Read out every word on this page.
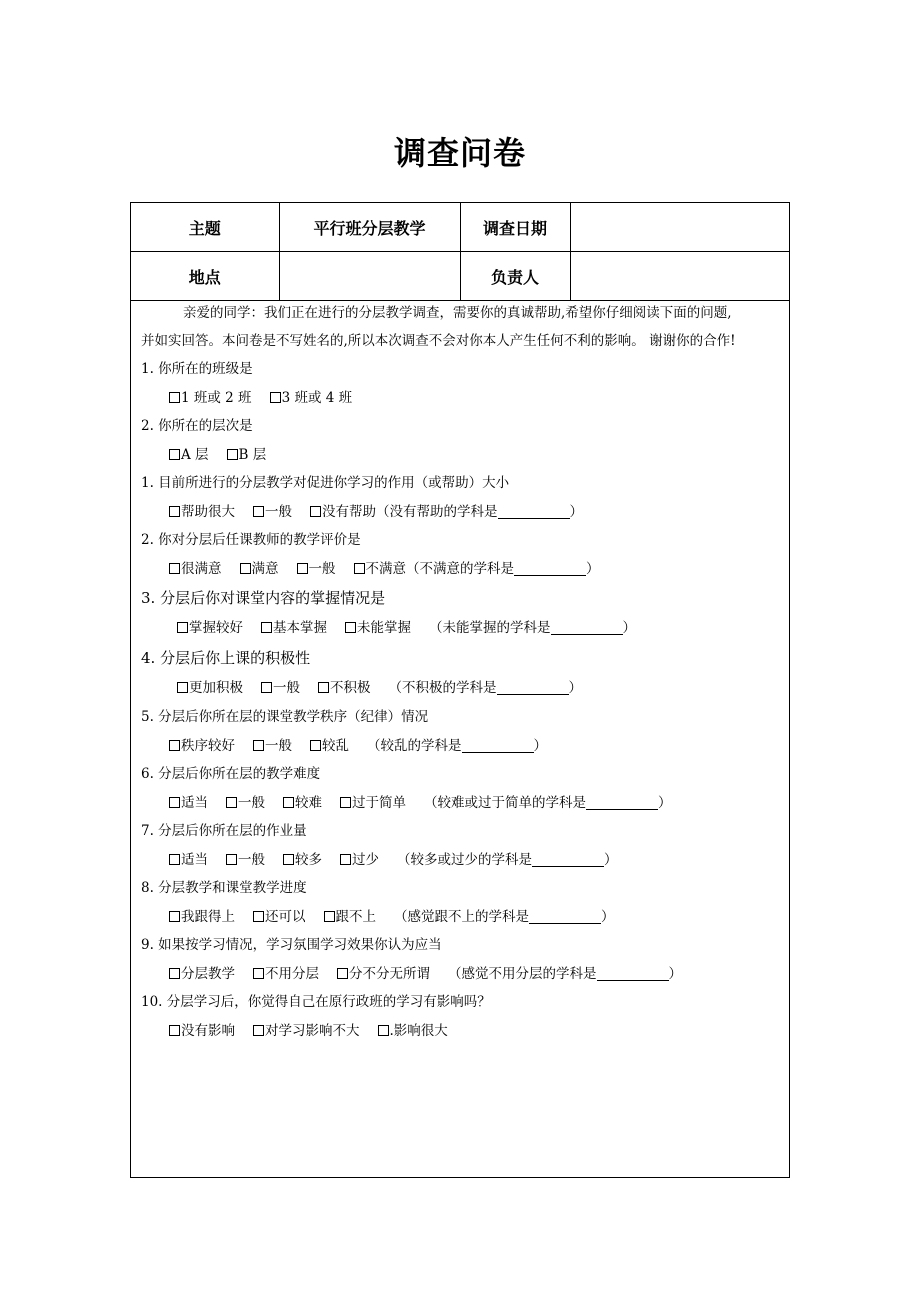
调查问卷
主题	平行班分层教学	调查日期	
地点		负责人	
亲爱的同学：我们正在进行的分层教学调查，需要你的真诚帮助,希望你仔细阅读下面的问题,
并如实回答。本问卷是不写姓名的,所以本次调查不会对你本人产生任何不利的影响。 谢谢你的合作!
1. 你所在的班级是
1 班或 2 班 3 班或 4 班
2. 你所在的层次是
A 层 B 层
1. 目前所进行的分层教学对促进你学习的作用（或帮助）大小
帮助很大 一般 没有帮助（没有帮助的学科是	）
2. 你对分层后任课教师的教学评价是
很满意 满意 一般 不满意（不满意的学科是	）
3. 分层后你对课堂内容的掌握情况是
掌握较好 基本掌握 未能掌握 （未能掌握的学科是	）
4. 分层后你上课的积极性
更加积极 一般 不积极 （不积极的学科是	）
5. 分层后你所在层的课堂教学秩序（纪律）情况
秩序较好 一般 较乱 （较乱的学科是	）
6. 分层后你所在层的教学难度
适当 一般 较难 过于简单 （较难或过于简单的学科是	）
7. 分层后你所在层的作业量
适当 一般 较多 过少 （较多或过少的学科是	）
8. 分层教学和课堂教学进度
我跟得上 还可以 跟不上 （感觉跟不上的学科是	）
9. 如果按学习情况，学习氛围学习效果你认为应当
分层教学 不用分层 分不分无所谓 （感觉不用分层的学科是	）
10. 分层学习后，你觉得自己在原行政班的学习有影响吗？
没有影响 对学习影响不大 .影响很大
